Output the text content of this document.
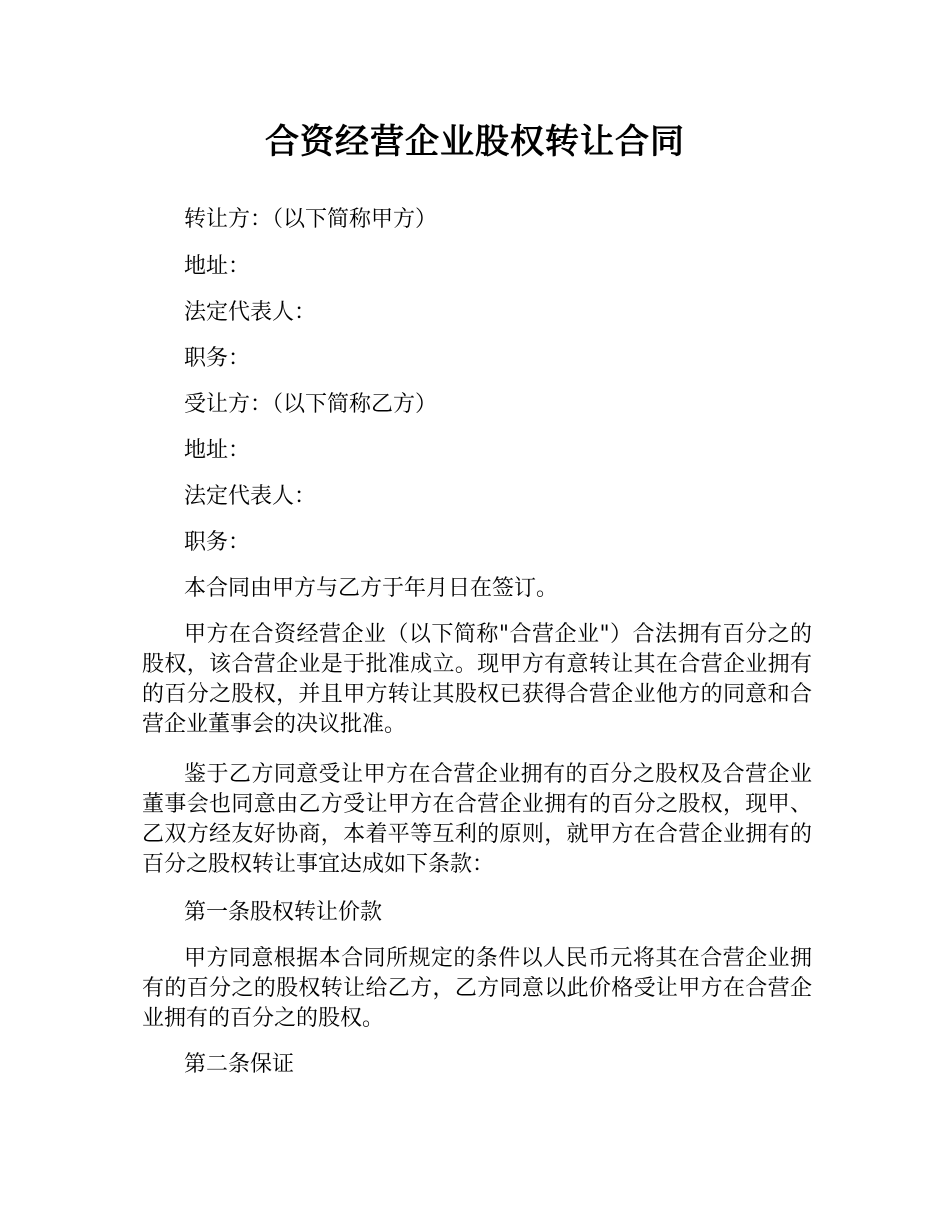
合资经营企业股权转让合同
转让方：（以下简称甲方）
地址：
法定代表人：
职务：
受让方：（以下简称乙方）
地址：
法定代表人：
职务：
本合同由甲方与乙方于年月日在签订。
甲方在合资经营企业（以下简称"合营企业"）合法拥有百分之的股权，该合营企业是于批准成立。现甲方有意转让其在合营企业拥有的百分之股权，并且甲方转让其股权已获得合营企业他方的同意和合营企业董事会的决议批准。
鉴于乙方同意受让甲方在合营企业拥有的百分之股权及合营企业董事会也同意由乙方受让甲方在合营企业拥有的百分之股权，现甲、乙双方经友好协商，本着平等互利的原则，就甲方在合营企业拥有的百分之股权转让事宜达成如下条款：
第一条股权转让价款
甲方同意根据本合同所规定的条件以人民币元将其在合营企业拥有的百分之的股权转让给乙方，乙方同意以此价格受让甲方在合营企业拥有的百分之的股权。
第二条保证
